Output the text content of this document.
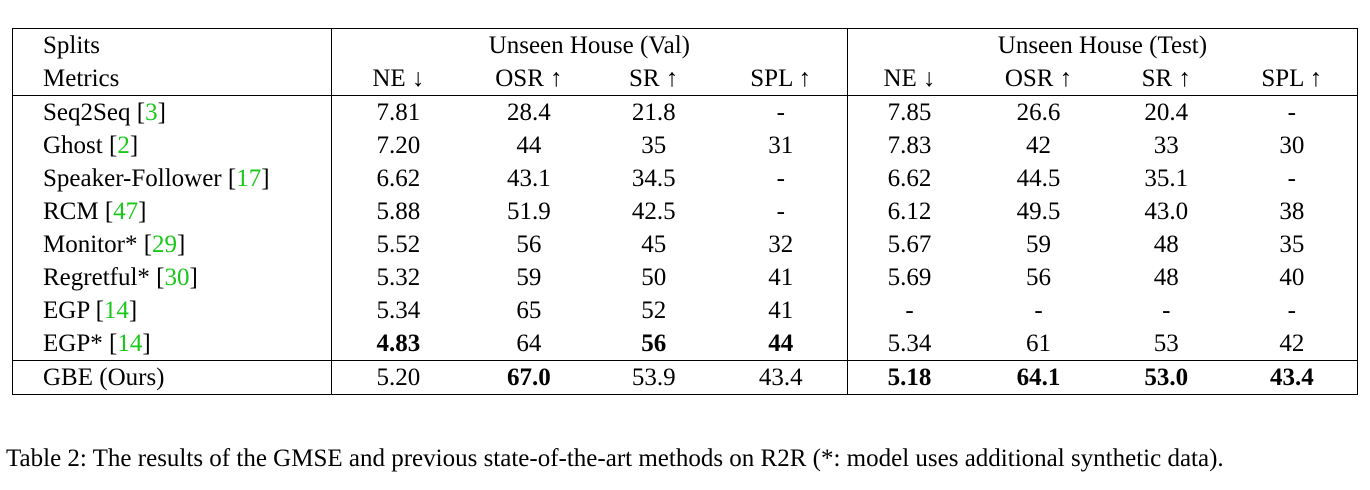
Splits	Unseen House (Val)				Unseen House (Test)			
Metrics	NE ↓	OSR ↑	SR ↑	SPL ↑	NE ↓	OSR ↑	SR ↑	SPL ↑
Seq2Seq [3]	7.81	28.4	21.8	-	7.85	26.6	20.4	-
Ghost [2]	7.20	44	35	31	7.83	42	33	30
Speaker-Follower [17]	6.62	43.1	34.5	-	6.62	44.5	35.1	-
RCM [47]	5.88	51.9	42.5	-	6.12	49.5	43.0	38
Monitor* [29]	5.52	56	45	32	5.67	59	48	35
Regretful* [30]	5.32	59	50	41	5.69	56	48	40
EGP [14]	5.34	65	52	41	-	-	-	-
EGP* [14]	4.83	64	56	44	5.34	61	53	42
GBE (Ours)	5.20	67.0	53.9	43.4	5.18	64.1	53.0	43.4
Table 2: The results of the GMSE and previous state-of-the-art methods on R2R (*: model uses additional synthetic data).
